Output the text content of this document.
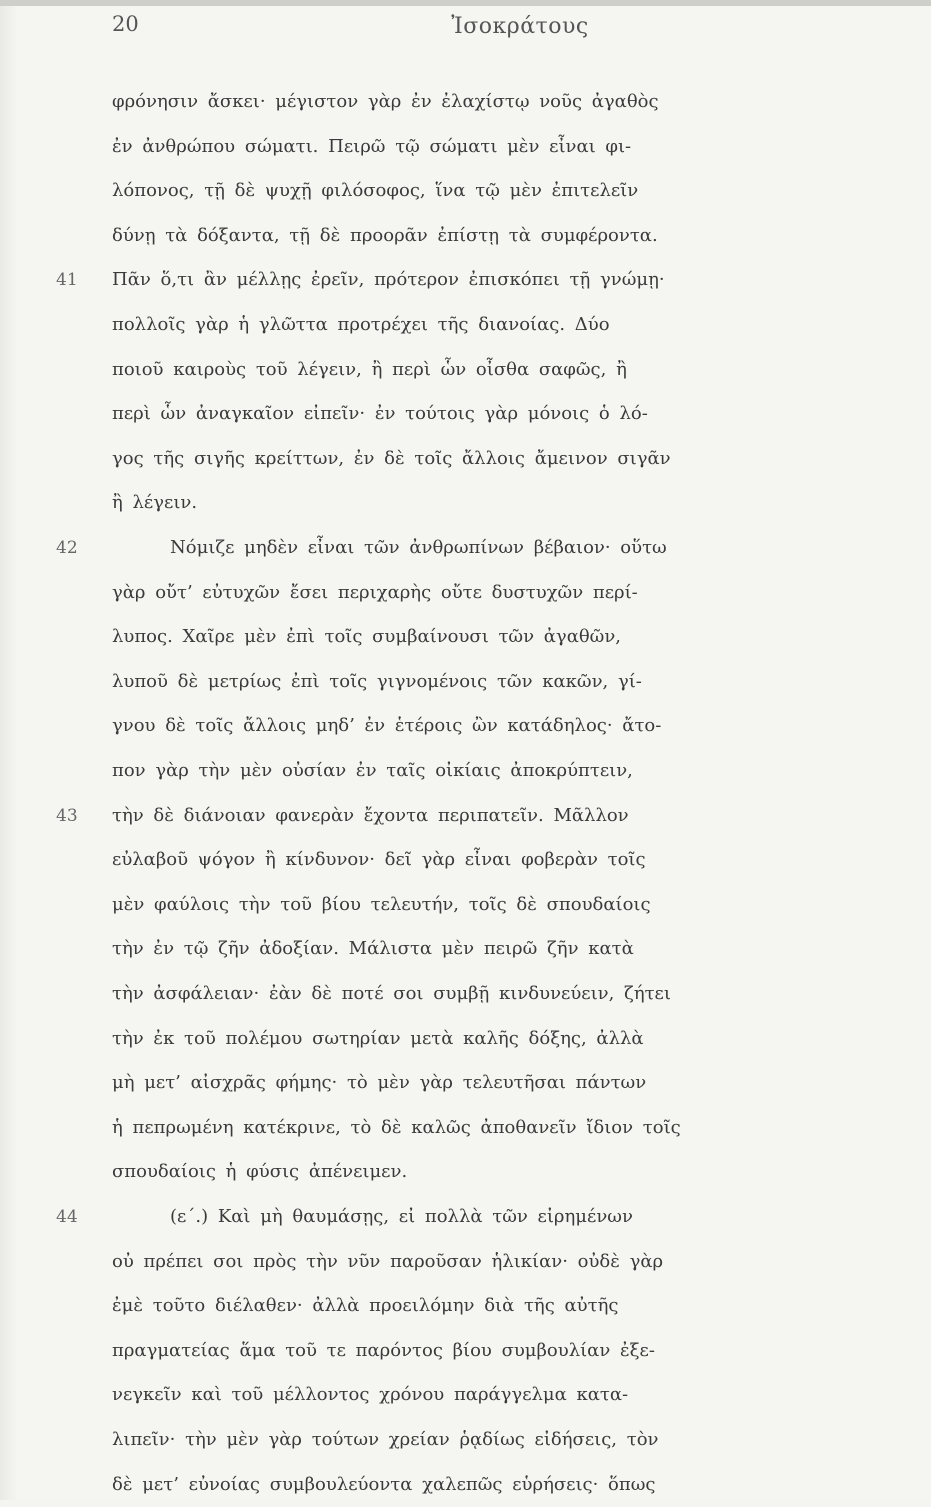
20	Ἰσοκράτους
φρόνησιν ἄσκει· μέγιστον γὰρ ἐν ἐλαχίστῳ νοῦς ἀγαθὸς
ἐν ἀνθρώπου σώματι. Πειρῶ τῷ σώματι μὲν εἶναι φι-
λόπονος, τῇ δὲ ψυχῇ φιλόσοφος, ἵνα τῷ μὲν ἐπιτελεῖν
δύνῃ τὰ δόξαντα, τῇ δὲ προορᾶν ἐπίστῃ τὰ συμφέροντα.
41 Πᾶν ὅ,τι ἂν μέλλῃς ἐρεῖν, πρότερον ἐπισκόπει τῇ γνώμῃ·
πολλοῖς γὰρ ἡ γλῶττα προτρέχει τῆς διανοίας. Δύο
ποιοῦ καιροὺς τοῦ λέγειν, ἢ περὶ ὧν οἶσθα σαφῶς, ἢ
περὶ ὧν ἀναγκαῖον εἰπεῖν· ἐν τούτοις γὰρ μόνοις ὁ λό-
γος τῆς σιγῆς κρείττων, ἐν δὲ τοῖς ἄλλοις ἄμεινον σιγᾶν
ἢ λέγειν.
42	Νόμιζε μηδὲν εἶναι τῶν ἀνθρωπίνων βέβαιον· οὕτω
γὰρ οὔτ’ εὐτυχῶν ἔσει περιχαρὴς οὔτε δυστυχῶν περί-
λυπος. Χαῖρε μὲν ἐπὶ τοῖς συμβαίνουσι τῶν ἀγαθῶν,
λυποῦ δὲ μετρίως ἐπὶ τοῖς γιγνομένοις τῶν κακῶν, γί-
γνου δὲ τοῖς ἄλλοις μηδ’ ἐν ἑτέροις ὢν κατάδηλος· ἄτο-
πον γὰρ τὴν μὲν οὐσίαν ἐν ταῖς οἰκίαις ἀποκρύπτειν,
43 τὴν δὲ διάνοιαν φανερὰν ἔχοντα περιπατεῖν. Μᾶλλον
εὐλαβοῦ ψόγον ἢ κίνδυνον· δεῖ γὰρ εἶναι φοβερὰν τοῖς
μὲν φαύλοις τὴν τοῦ βίου τελευτήν, τοῖς δὲ σπουδαίοις
τὴν ἐν τῷ ζῆν ἀδοξίαν. Μάλιστα μὲν πειρῶ ζῆν κατὰ
τὴν ἀσφάλειαν· ἐὰν δὲ ποτέ σοι συμβῇ κινδυνεύειν, ζήτει
τὴν ἐκ τοῦ πολέμου σωτηρίαν μετὰ καλῆς δόξης, ἀλλὰ
μὴ μετ’ αἰσχρᾶς φήμης· τὸ μὲν γὰρ τελευτῆσαι πάντων
ἡ πεπρωμένη κατέκρινε, τὸ δὲ καλῶς ἀποθανεῖν ἴδιον τοῖς
σπουδαίοις ἡ φύσις ἀπένειμεν.
44	(ε΄.) Καὶ μὴ θαυμάσῃς, εἰ πολλὰ τῶν εἰρημένων
οὐ πρέπει σοι πρὸς τὴν νῦν παροῦσαν ἡλικίαν· οὐδὲ γὰρ
ἐμὲ τοῦτο διέλαθεν· ἀλλὰ προειλόμην διὰ τῆς αὐτῆς
πραγματείας ἅμα τοῦ τε παρόντος βίου συμβουλίαν ἐξε-
νεγκεῖν καὶ τοῦ μέλλοντος χρόνου παράγγελμα κατα-
λιπεῖν· τὴν μὲν γὰρ τούτων χρείαν ῥᾳδίως εἰδήσεις, τὸν
δὲ μετ’ εὐνοίας συμβουλεύοντα χαλεπῶς εὑρήσεις· ὅπως
